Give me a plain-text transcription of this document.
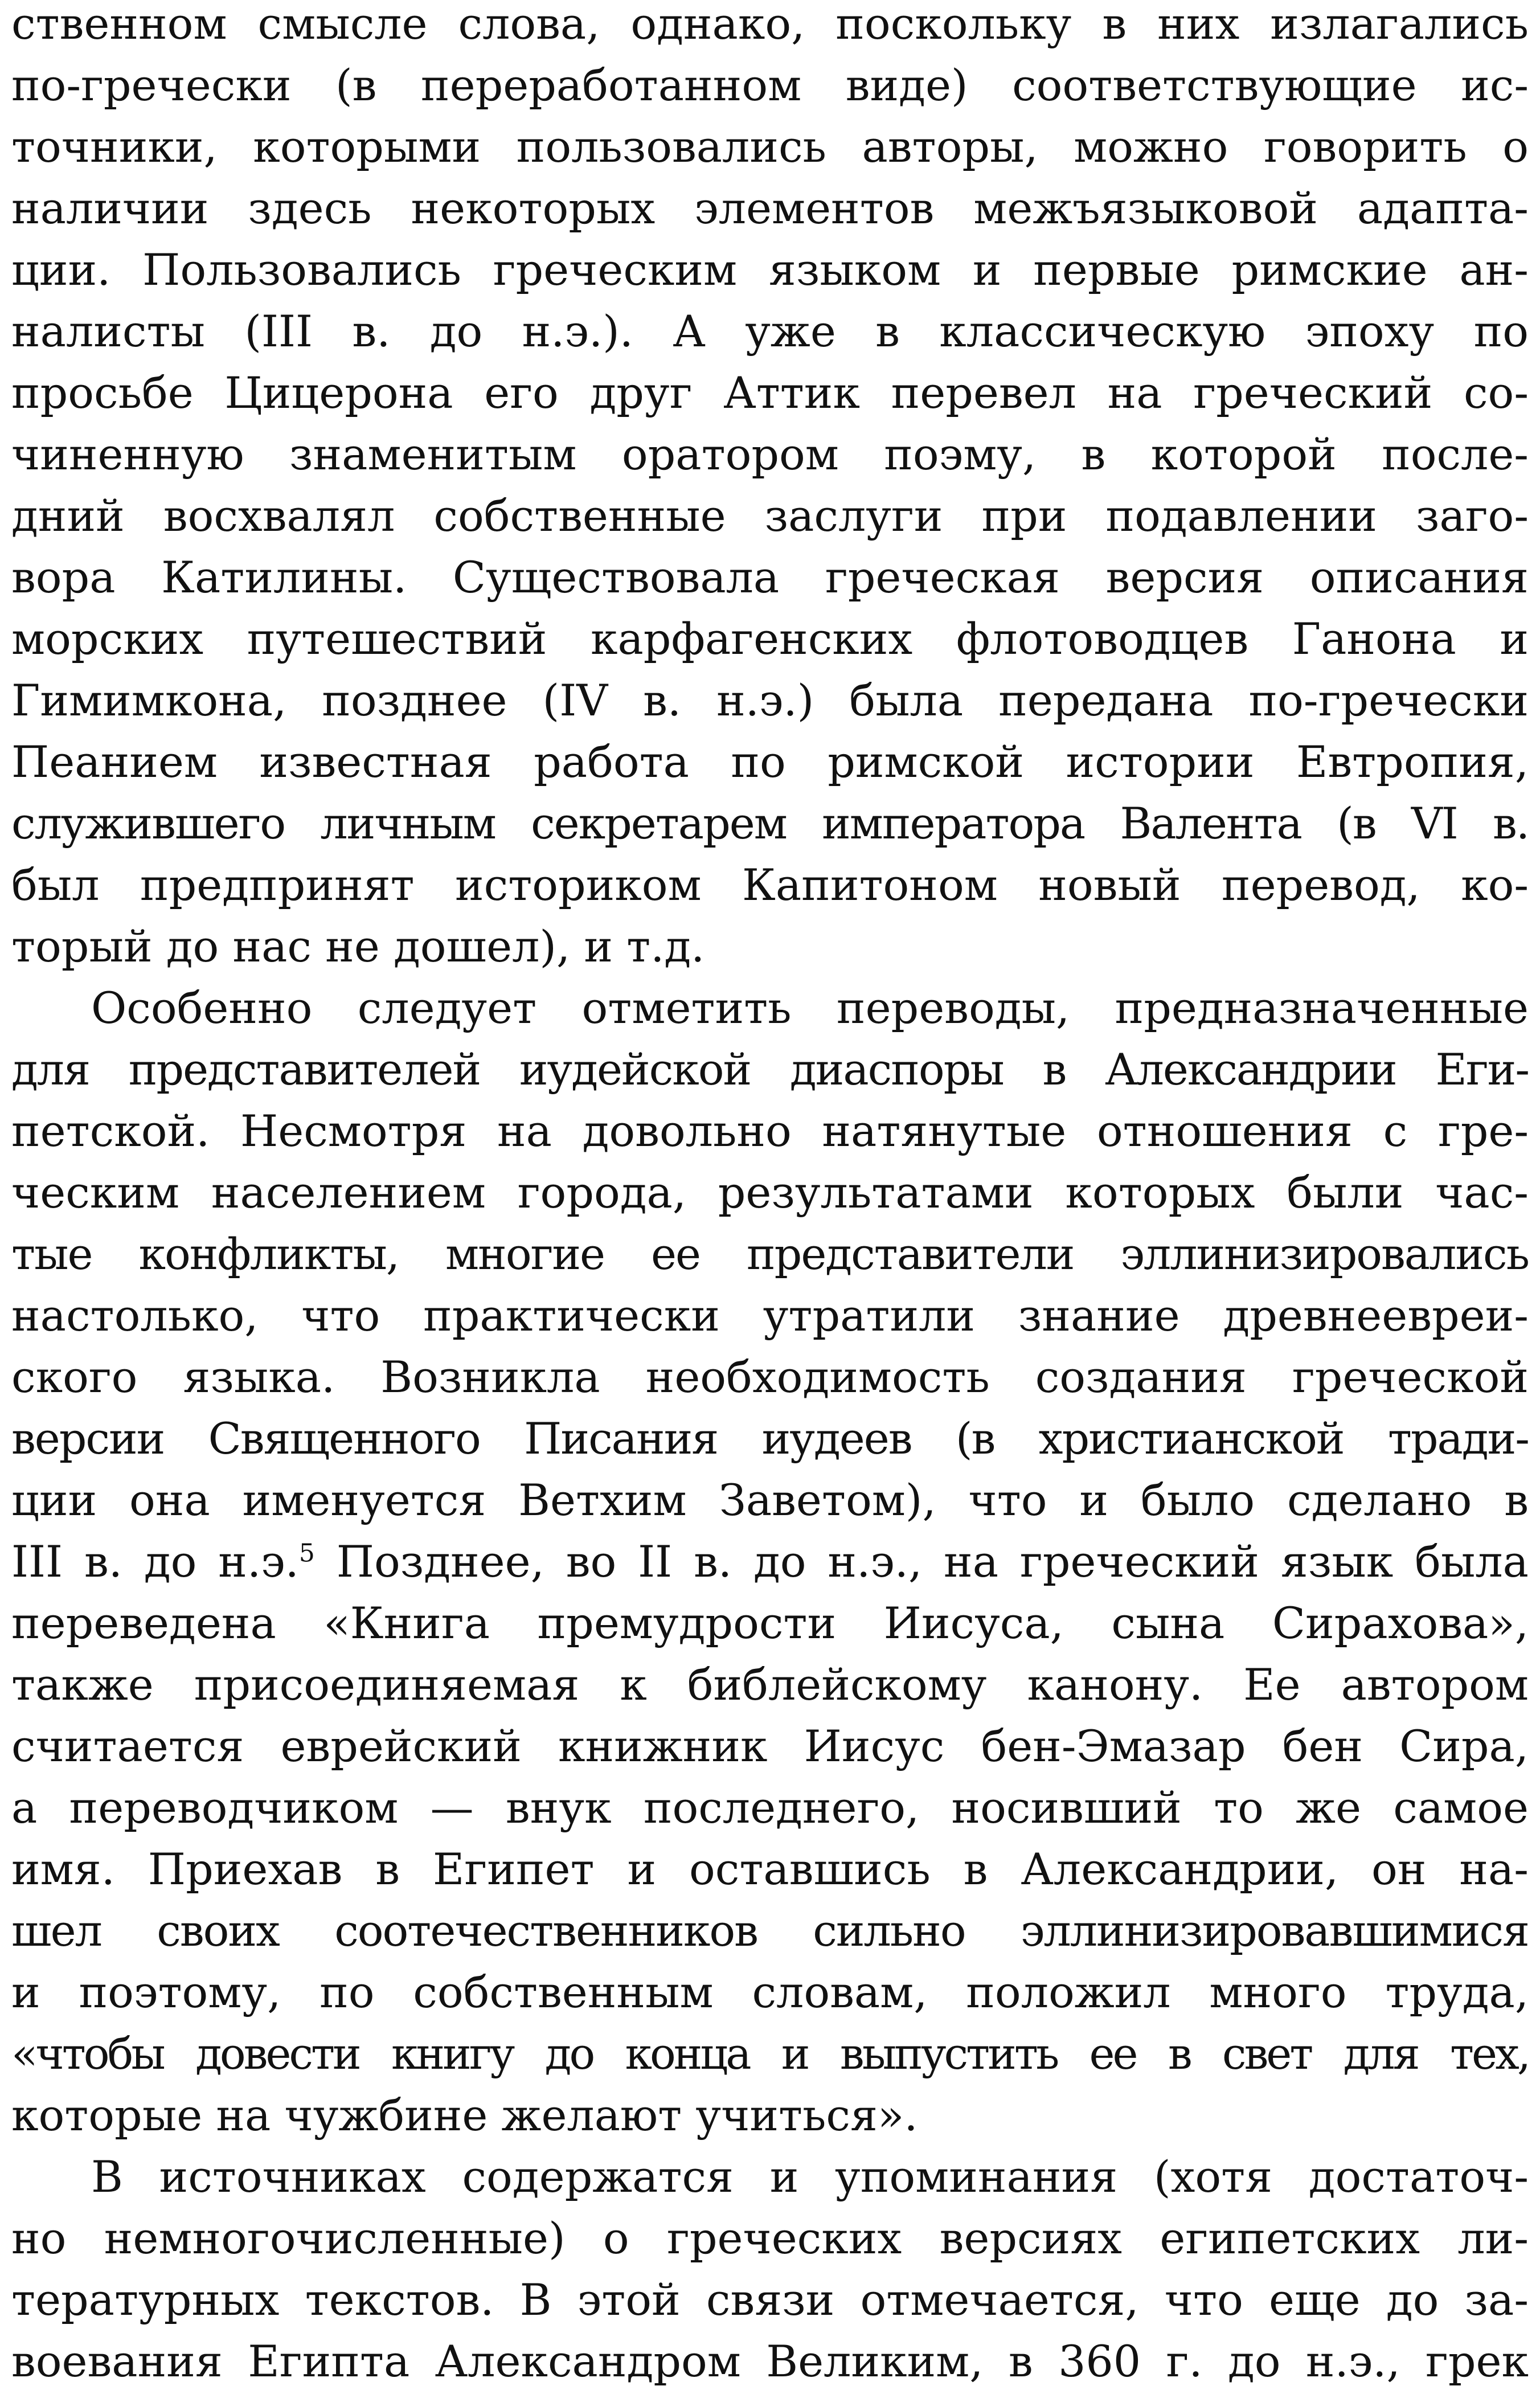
ственном смысле слова, однако, поскольку в них излагались
по-гречески (в переработанном виде) соответствующие ис-
точники, которыми пользовались авторы, можно говорить о
наличии здесь некоторых элементов межъязыковой адапта-
ции. Пользовались греческим языком и первые римские ан-
налисты (III в. до н.э.). А уже в классическую эпоху по
просьбе Цицерона его друг Аттик перевел на греческий со-
чиненную знаменитым оратором поэму, в которой после-
дний восхвалял собственные заслуги при подавлении заго-
вора Катилины. Существовала греческая версия описания
морских путешествий карфагенских флотоводцев Ганона и
Гимимкона, позднее (IV в. н.э.) была передана по-гречески
Пеанием известная работа по римской истории Евтропия,
служившего личным секретарем императора Валента (в VI в.
был предпринят историком Капитоном новый перевод, ко-
торый до нас не дошел), и т.д.
Особенно следует отметить переводы, предназначенные
для представителей иудейской диаспоры в Александрии Еги-
петской. Несмотря на довольно натянутые отношения с гре-
ческим населением города, результатами которых были час-
тые конфликты, многие ее представители эллинизировались
настолько, что практически утратили знание древнеевреи-
ского языка. Возникла необходимость создания греческой
версии Священного Писания иудеев (в христианской тради-
ции она именуется Ветхим Заветом), что и было сделано в
III в. до н.э.$^5$ Позднее, во II в. до н.э., на греческий язык была
переведена «Книга премудрости Иисуса, сына Сирахова»,
также присоединяемая к библейскому канону. Ее автором
считается еврейский книжник Иисус бен-Эмазар бен Сира,
а переводчиком — внук последнего, носивший то же самое
имя. Приехав в Египет и оставшись в Александрии, он на-
шел своих соотечественников сильно эллинизировавшимися
и поэтому, по собственным словам, положил много труда,
«чтобы довести книгу до конца и выпустить ее в свет для тех,
которые на чужбине желают учиться».
В источниках содержатся и упоминания (хотя достаточ-
но немногочисленные) о греческих версиях египетских ли-
тературных текстов. В этой связи отмечается, что еще до за-
воевания Египта Александром Великим, в 360 г. до н.э., грек
